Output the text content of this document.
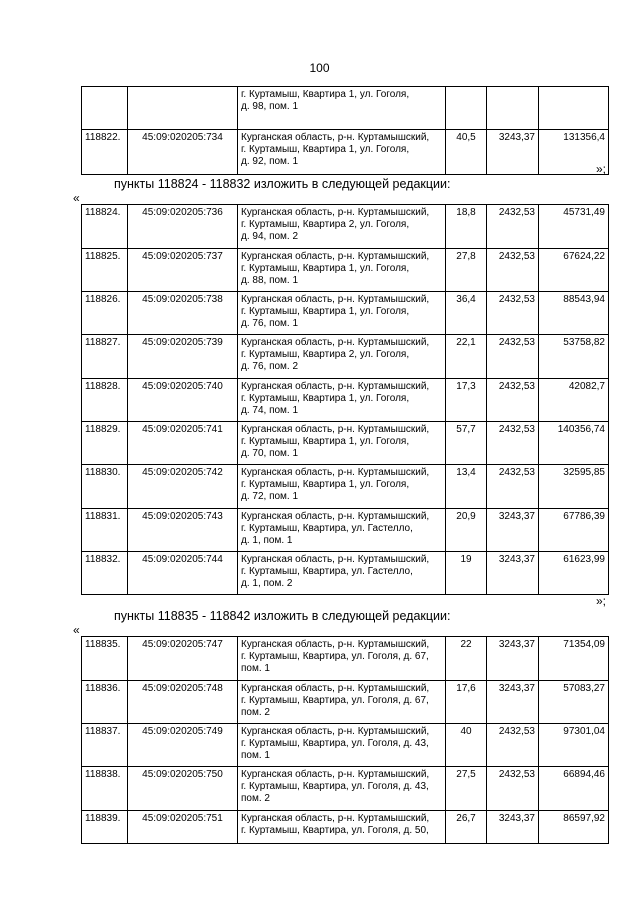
100

		г. Куртамыш, Квартира 1, ул. Гоголя,
д. 98, пом. 1			

118822.	45:09:020205:734	Курганская область, р-н. Куртамышский,
г. Куртамыш, Квартира 1, ул. Гоголя,
д. 92, пом. 1	40,5	3243,37	131356,4
»;
пункты 118824 - 118832 изложить в следующей редакции:
«
118824.	45:09:020205:736	Курганская область, р-н. Куртамышский,
г. Куртамыш, Квартира 2, ул. Гоголя,
д. 94, пом. 2	18,8	2432,53	45731,49
118825.	45:09:020205:737	Курганская область, р-н. Куртамышский,
г. Куртамыш, Квартира 1, ул. Гоголя,
д. 88, пом. 1	27,8	2432,53	67624,22
118826.	45:09:020205:738	Курганская область, р-н. Куртамышский,
г. Куртамыш, Квартира 1, ул. Гоголя,
д. 76, пом. 1	36,4	2432,53	88543,94
118827.	45:09:020205:739	Курганская область, р-н. Куртамышский,
г. Куртамыш, Квартира 2, ул. Гоголя,
д. 76, пом. 2	22,1	2432,53	53758,82
118828.	45:09:020205:740	Курганская область, р-н. Куртамышский,
г. Куртамыш, Квартира 1, ул. Гоголя,
д. 74, пом. 1	17,3	2432,53	42082,7
118829.	45:09:020205:741	Курганская область, р-н. Куртамышский,
г. Куртамыш, Квартира 1, ул. Гоголя,
д. 70, пом. 1	57,7	2432,53	140356,74
118830.	45:09:020205:742	Курганская область, р-н. Куртамышский,
г. Куртамыш, Квартира 1, ул. Гоголя,
д. 72, пом. 1	13,4	2432,53	32595,85
118831.	45:09:020205:743	Курганская область, р-н. Куртамышский,
г. Куртамыш, Квартира, ул. Гастелло,
д. 1, пом. 1	20,9	3243,37	67786,39
118832.	45:09:020205:744	Курганская область, р-н. Куртамышский,
г. Куртамыш, Квартира, ул. Гастелло,
д. 1, пом. 2	19	3243,37	61623,99
»;
пункты 118835 - 118842 изложить в следующей редакции:
«
118835.	45:09:020205:747	Курганская область, р-н. Куртамышский,
г. Куртамыш, Квартира, ул. Гоголя, д. 67,
пом. 1	22	3243,37	71354,09
118836.	45:09:020205:748	Курганская область, р-н. Куртамышский,
г. Куртамыш, Квартира, ул. Гоголя, д. 67,
пом. 2	17,6	3243,37	57083,27
118837.	45:09:020205:749	Курганская область, р-н. Куртамышский,
г. Куртамыш, Квартира, ул. Гоголя, д. 43,
пом. 1	40	2432,53	97301,04
118838.	45:09:020205:750	Курганская область, р-н. Куртамышский,
г. Куртамыш, Квартира, ул. Гоголя, д. 43,
пом. 2	27,5	2432,53	66894,46
118839.	45:09:020205:751	Курганская область, р-н. Куртамышский,
г. Куртамыш, Квартира, ул. Гоголя, д. 50,	26,7	3243,37	86597,92
